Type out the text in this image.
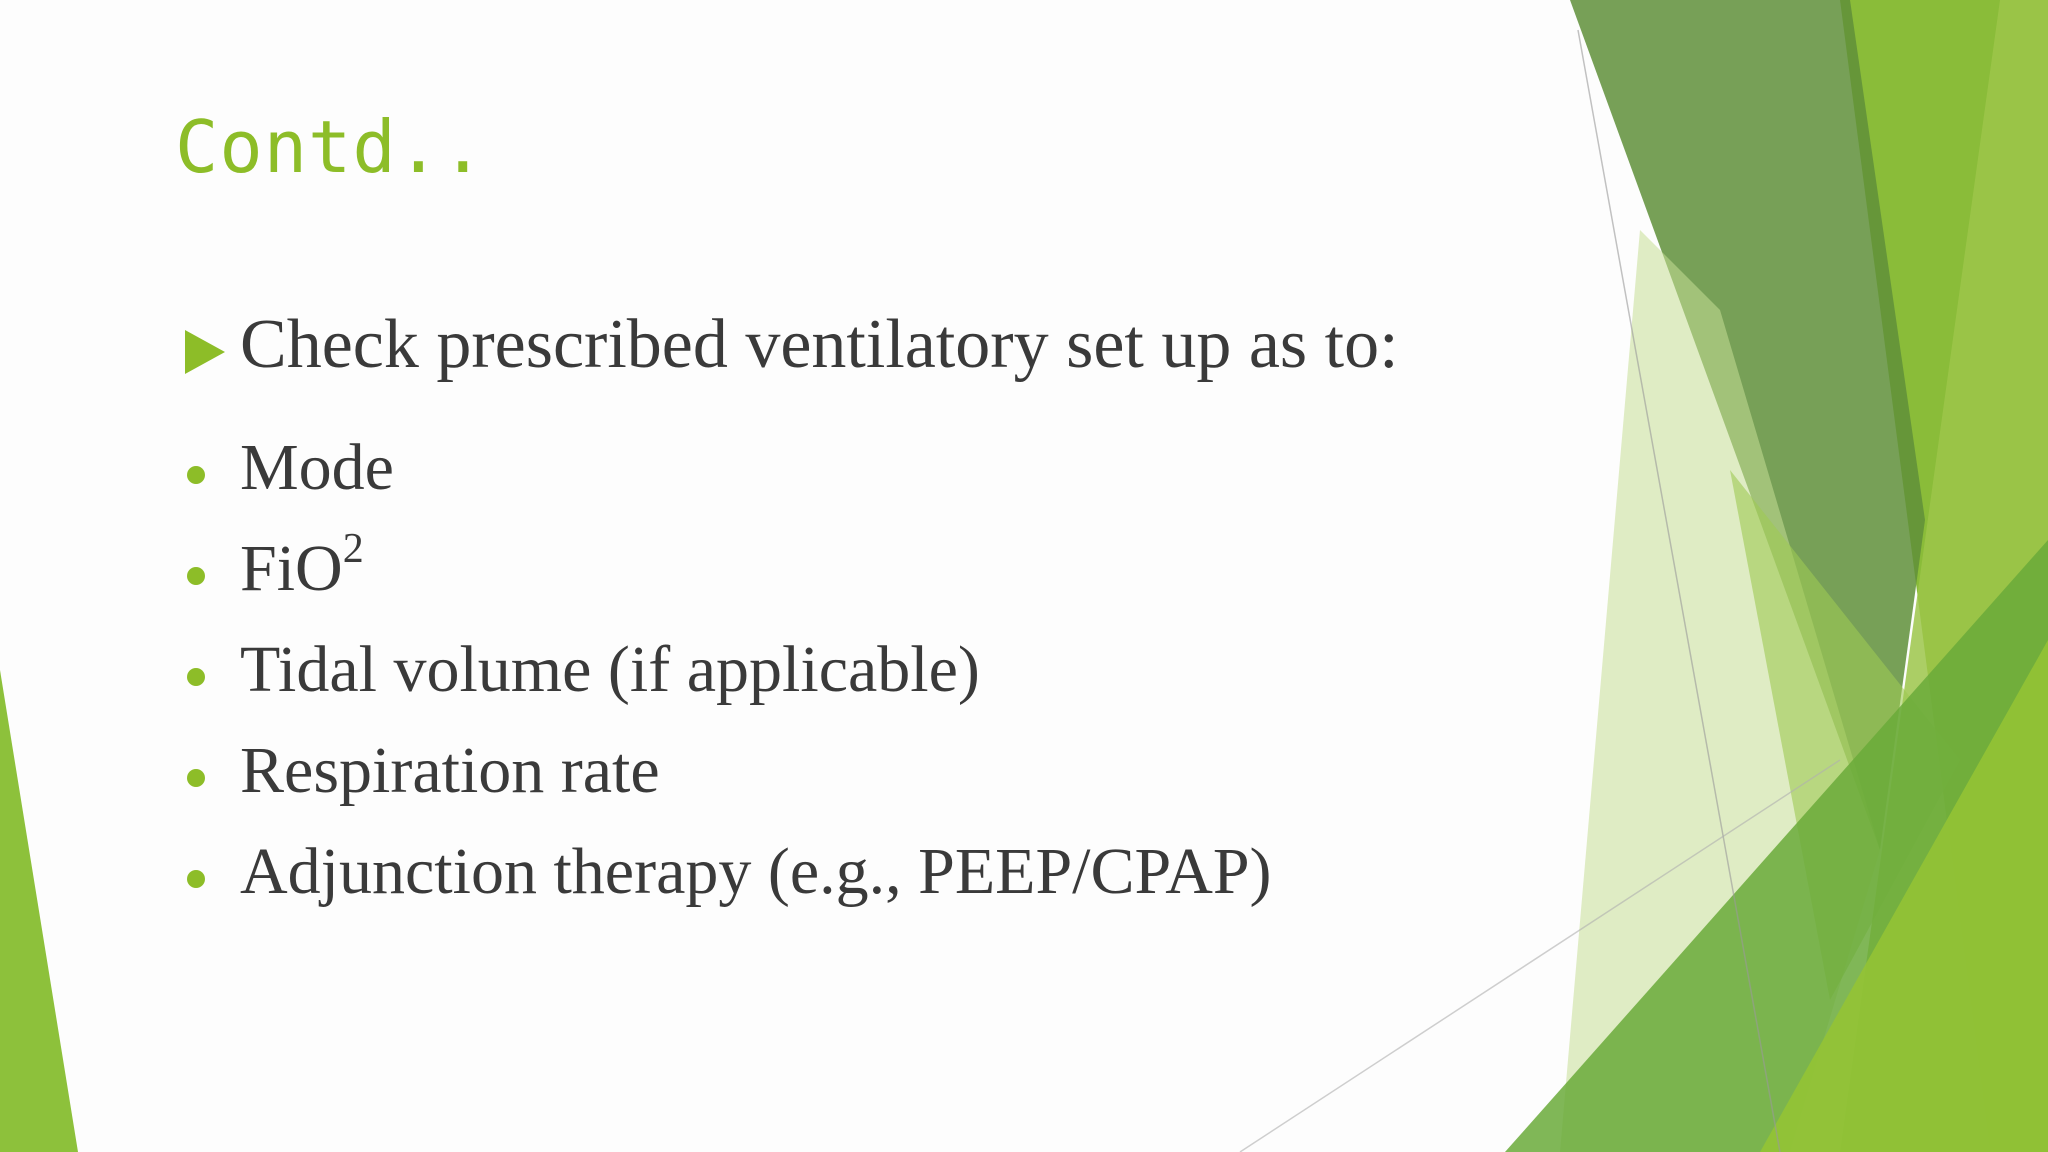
Contd..
Check prescribed ventilatory set up as to:
Mode
FiO$^2$
Tidal volume (if applicable)
Respiration rate
Adjunction therapy (e.g., PEEP/CPAP)
